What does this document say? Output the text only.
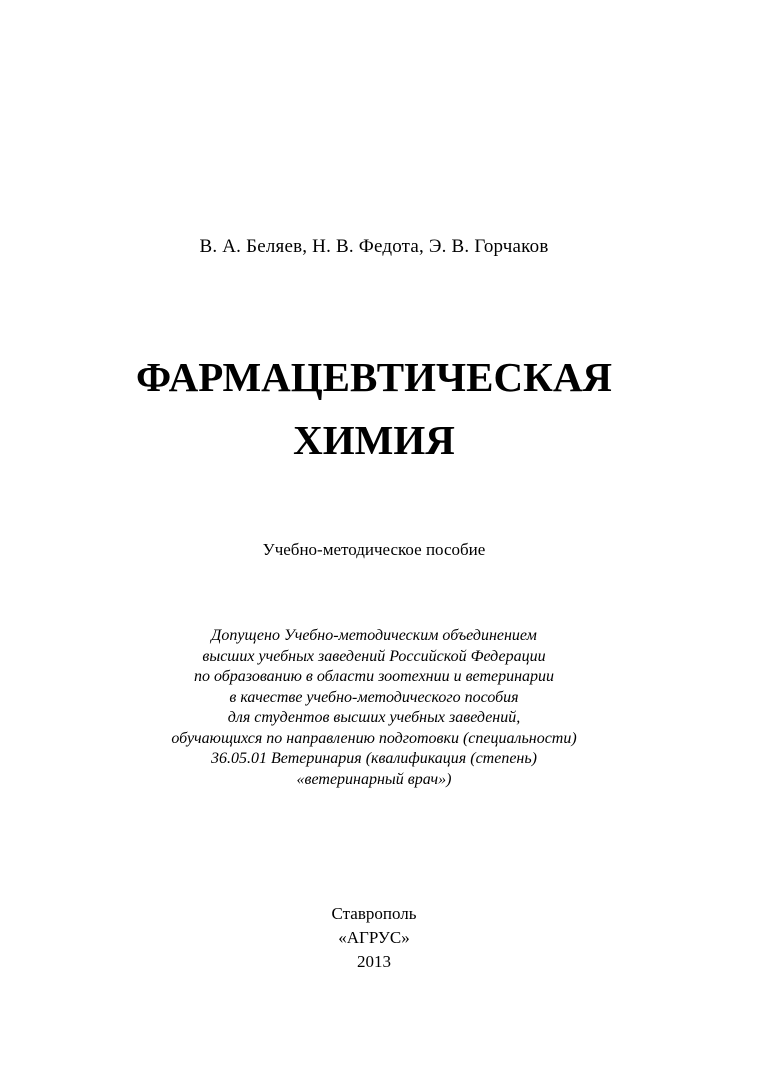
В. А. Беляев, Н. В. Федота, Э. В. Горчаков
ФАРМАЦЕВТИЧЕСКАЯ
ХИМИЯ
Учебно-методическое пособие
Допущено Учебно-методическим объединением
высших учебных заведений Российской Федерации
по образованию в области зоотехнии и ветеринарии
в качестве учебно-методического пособия
для студентов высших учебных заведений,
обучающихся по направлению подготовки (специальности)
36.05.01 Ветеринария (квалификация (степень)
«ветеринарный врач»)
Ставрополь
«АГРУС»
2013
